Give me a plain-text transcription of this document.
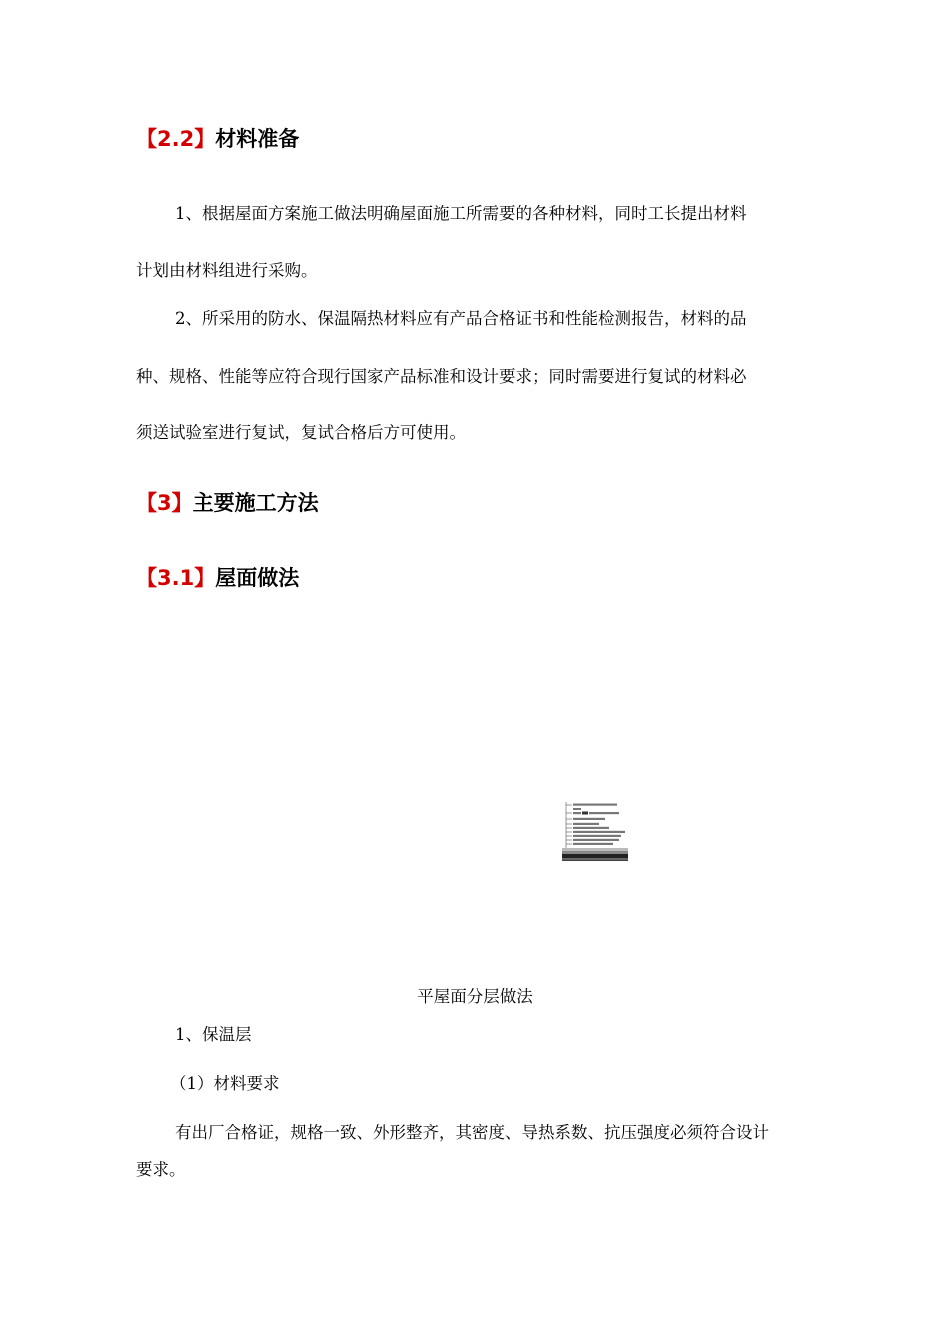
【2.2】材料准备
1、根据屋面方案施工做法明确屋面施工所需要的各种材料，同时工长提出材料
计划由材料组进行采购。
2、所采用的防水、保温隔热材料应有产品合格证书和性能检测报告，材料的品
种、规格、性能等应符合现行国家产品标准和设计要求；同时需要进行复试的材料必
须送试验室进行复试，复试合格后方可使用。
【3】主要施工方法
【3.1】屋面做法
平屋面分层做法
1、保温层
（1）材料要求
有出厂合格证，规格一致、外形整齐，其密度、导热系数、抗压强度必须符合设计
要求。
